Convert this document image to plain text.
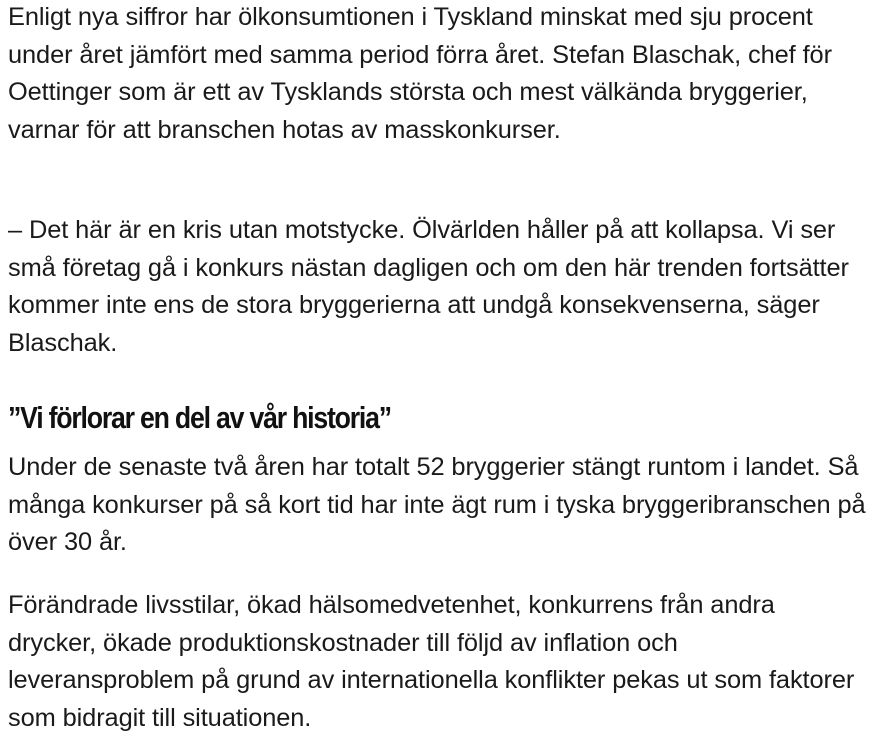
Enligt nya siffror har ölkonsumtionen i Tyskland minskat med sju procent under året jämfört med samma period förra året. Stefan Blaschak, chef för Oettinger som är ett av Tysklands största och mest välkända bryggerier, varnar för att branschen hotas av masskonkurser.

– Det här är en kris utan motstycke. Ölvärlden håller på att kollapsa. Vi ser små företag gå i konkurs nästan dagligen och om den här trenden fortsätter kommer inte ens de stora bryggerierna att undgå konsekvenserna, säger Blaschak.

”Vi förlorar en del av vår historia”

Under de senaste två åren har totalt 52 bryggerier stängt runtom i landet. Så många konkurser på så kort tid har inte ägt rum i tyska bryggeribranschen på över 30 år.

Förändrade livsstilar, ökad hälsomedvetenhet, konkurrens från andra drycker, ökade produktionskostnader till följd av inflation och leveransproblem på grund av internationella konflikter pekas ut som faktorer som bidragit till situationen.
